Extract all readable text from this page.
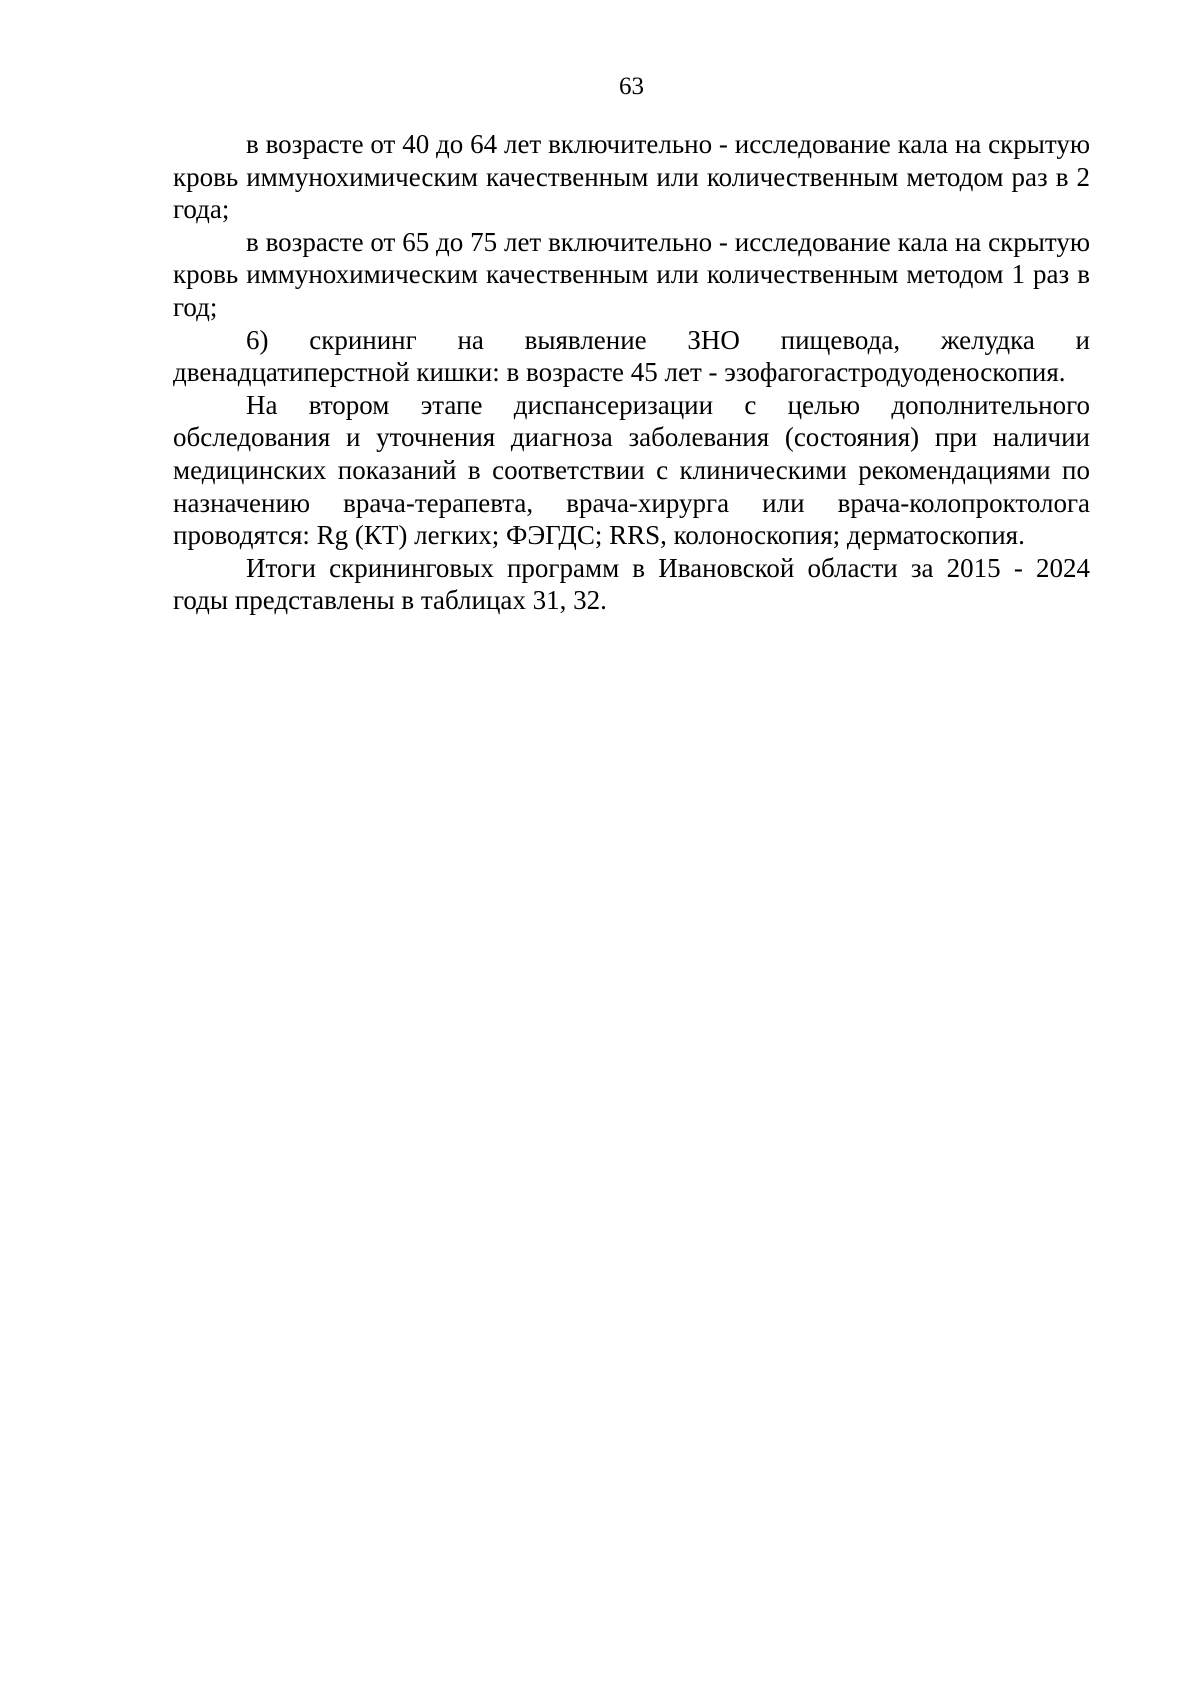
63

в возрасте от 40 до 64 лет включительно - исследование кала на скрытую кровь иммунохимическим качественным или количественным методом раз в 2 года;

в возрасте от 65 до 75 лет включительно - исследование кала на скрытую кровь иммунохимическим качественным или количественным методом 1 раз в год;

6) скрининг на выявление ЗНО пищевода, желудка и двенадцатиперстной кишки: в возрасте 45 лет - эзофагогастродуоденоскопия.

На втором этапе диспансеризации с целью дополнительного обследования и уточнения диагноза заболевания (состояния) при наличии медицинских показаний в соответствии с клиническими рекомендациями по назначению врача-терапевта, врача-хирурга или врача-колопроктолога проводятся: Rg (КТ) легких; ФЭГДС; RRS, колоноскопия; дерматоскопия.

Итоги скрининговых программ в Ивановской области за 2015 - 2024 годы представлены в таблицах 31, 32.
